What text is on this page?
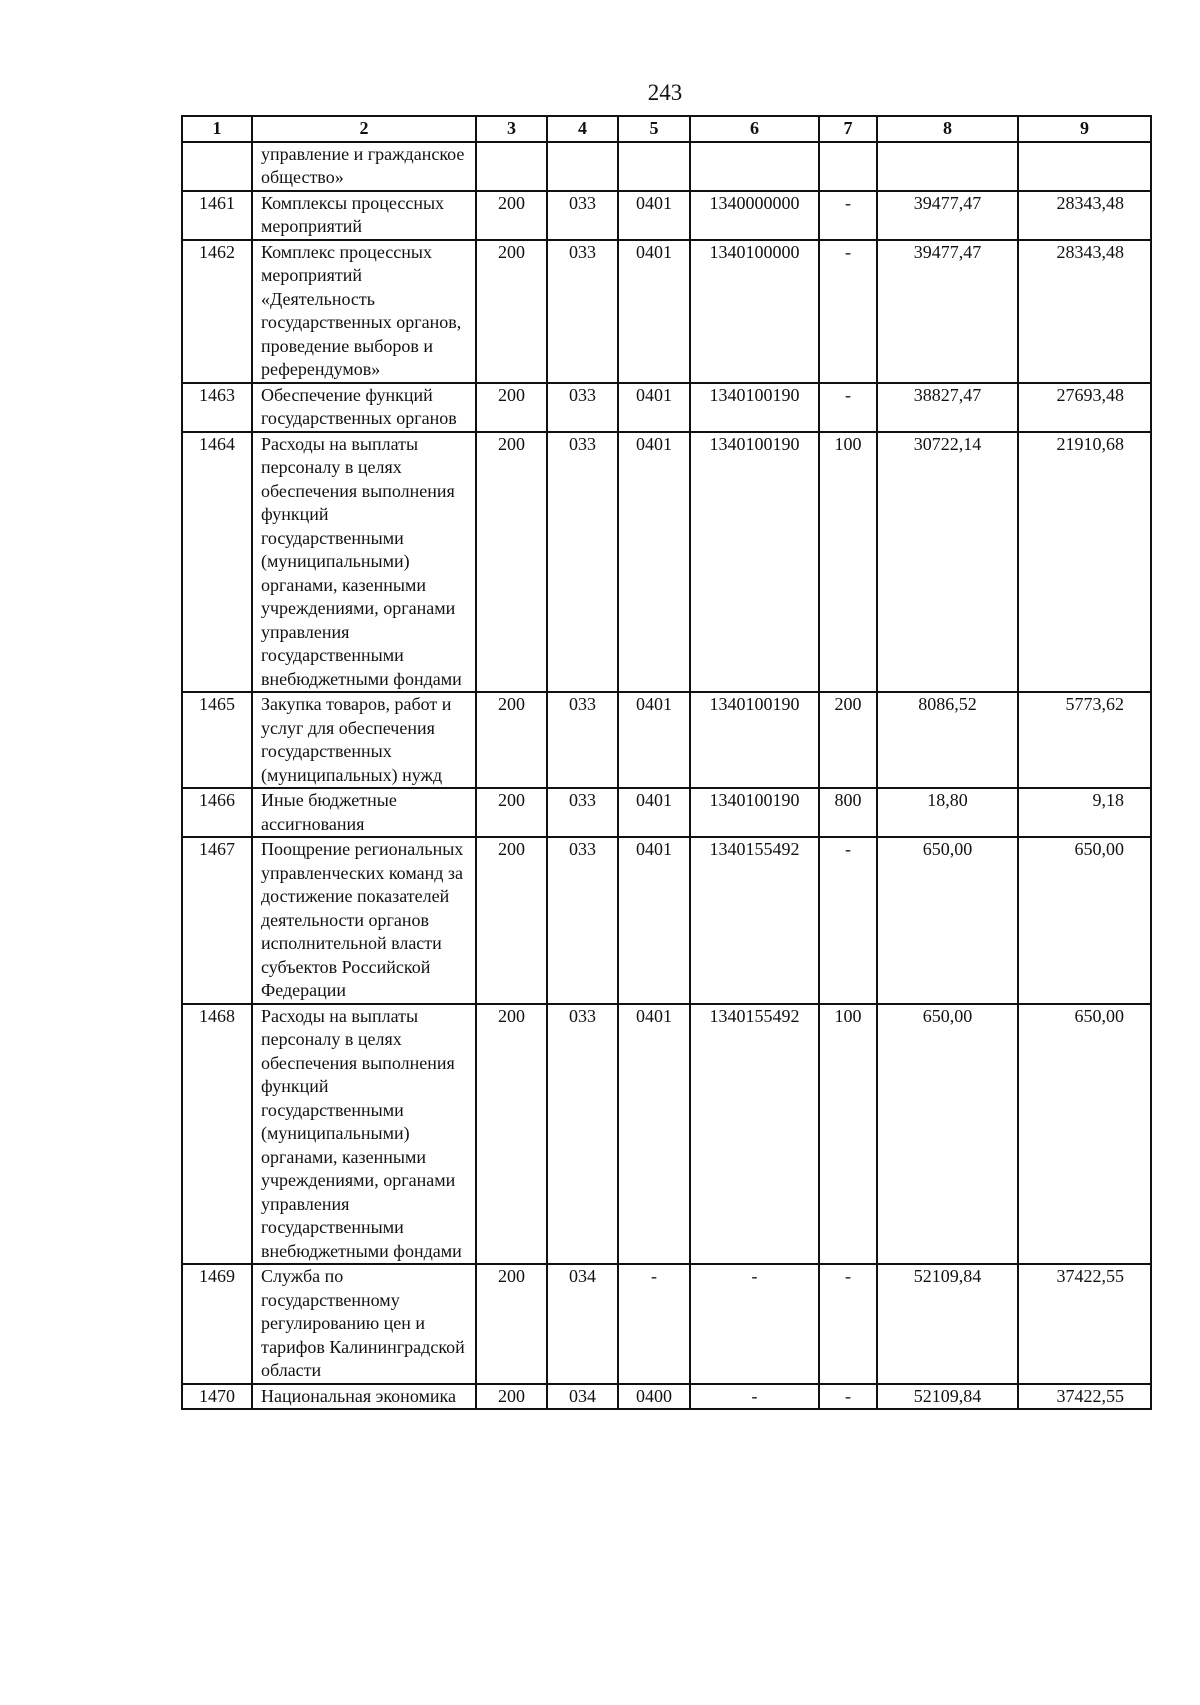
243
1	2	3	4	5	6	7	8	9
	управление и гражданское общество»							
1461	Комплексы процессных мероприятий	200	033	0401	1340000000	-	39477,47	28343,48
1462	Комплекс процессных мероприятий «Деятельность государственных органов, проведение выборов и референдумов»	200	033	0401	1340100000	-	39477,47	28343,48
1463	Обеспечение функций государственных органов	200	033	0401	1340100190	-	38827,47	27693,48
1464	Расходы на выплаты персоналу в целях обеспечения выполнения функций государственными (муниципальными) органами, казенными учреждениями, органами управления государственными внебюджетными фондами	200	033	0401	1340100190	100	30722,14	21910,68
1465	Закупка товаров, работ и услуг для обеспечения государственных (муниципальных) нужд	200	033	0401	1340100190	200	8086,52	5773,62
1466	Иные бюджетные ассигнования	200	033	0401	1340100190	800	18,80	9,18
1467	Поощрение региональных управленческих команд за достижение показателей деятельности органов исполнительной власти субъектов Российской Федерации	200	033	0401	1340155492	-	650,00	650,00
1468	Расходы на выплаты персоналу в целях обеспечения выполнения функций государственными (муниципальными) органами, казенными учреждениями, органами управления государственными внебюджетными фондами	200	033	0401	1340155492	100	650,00	650,00
1469	Служба по государственному регулированию цен и тарифов Калининградской области	200	034	-	-	-	52109,84	37422,55
1470	Национальная экономика	200	034	0400	-	-	52109,84	37422,55
